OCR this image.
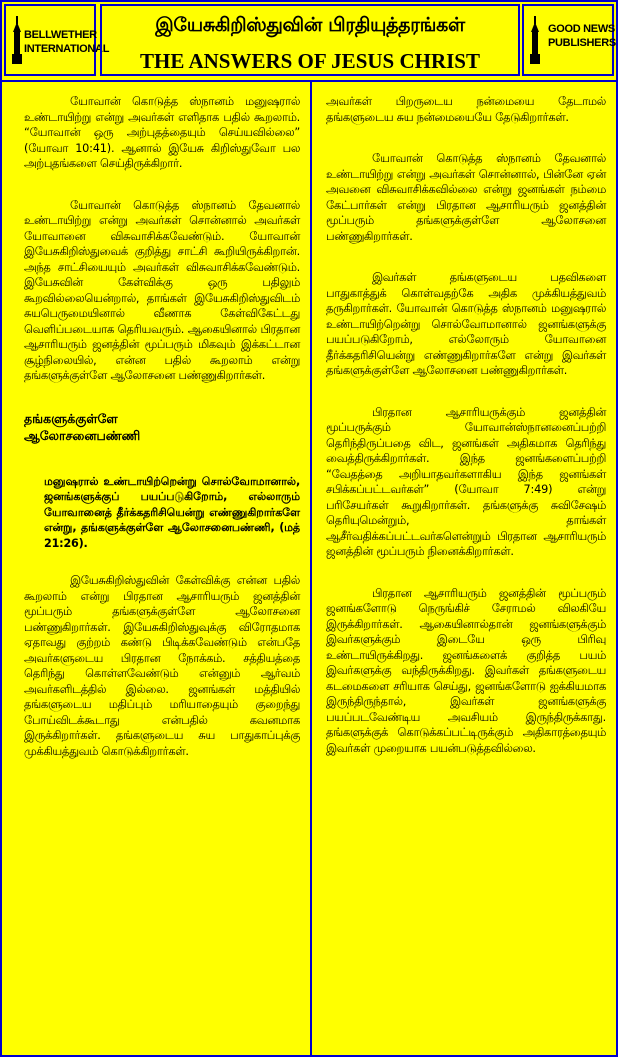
BELLWETHER
INTERNATIONAL
இயேசுகிறிஸ்துவின் பிரதியுத்தரங்கள்
THE ANSWERS OF JESUS CHRIST
GOOD NEWS
PUBLISHERS

யோவான் கொடுத்த ஸ்நானம் மனுஷரால் உண்டாயிற்று என்று அவர்கள் எளிதாக பதில் கூறலாம். “யோவான் ஒரு அற்புதத்தையும் செய்யவில்லை” (யோவா 10:41). ஆனால் இயேசு கிறிஸ்துவோ பல அற்புதங்களை செய்திருக்கிறார்.

யோவான் கொடுத்த ஸ்நானம் தேவனால் உண்டாயிற்று என்று அவர்கள் சொன்னால் அவர்கள் யோவானை விசுவாசிக்கவேண்டும். யோவான் இயேசுகிறிஸ்துவைக் குறித்து சாட்சி கூறியிருக்கிறான். அந்த சாட்சியையும் அவர்கள் விசுவாசிக்கவேண்டும். இயேசுவின் கேள்விக்கு ஒரு பதிலும் கூறவில்லையென்றால், தாங்கள் இயேசுகிறிஸ்துவிடம் சுயபெருமையினால் வீணாக கேள்விகேட்டது வெளிப்படையாக தெரியவரும். ஆகையினால் பிரதான ஆசாரியரும் ஜனத்தின் மூப்பரும் மிகவும் இக்கட்டான சூழ்நிலையில், என்ன பதில் கூறலாம் என்று தங்களுக்குள்ளே ஆலோசனை பண்ணுகிறார்கள்.

தங்களுக்குள்ளே
ஆலோசனைபண்ணி

மனுஷரால் உண்டாயிற்றென்று சொல்வோமானால், ஜனங்களுக்குப் பயப்படுகிறோம், எல்லாரும் யோவானைத் தீர்க்கதரிசியென்று எண்ணுகிறார்களே என்று, தங்களுக்குள்ளே ஆலோசனைபண்ணி, (மத் 21:26).

இயேசுகிறிஸ்துவின் கேள்விக்கு என்ன பதில் கூறலாம் என்று பிரதான ஆசாரியரும் ஜனத்தின் மூப்பரும் தங்களுக்குள்ளே ஆலோசனை பண்ணுகிறார்கள். இயேசுகிறிஸ்துவுக்கு விரோதமாக ஏதாவது குற்றம் கண்டு பிடிக்கவேண்டும் என்பதே அவர்களுடைய பிரதான நோக்கம். சத்தியத்தை தெரிந்து கொள்ளவேண்டும் என்னும் ஆர்வம் அவர்களிடத்தில் இல்லை. ஜனங்கள் மத்தியில் தங்களுடைய மதிப்பும் மரியாதையும் குறைந்து போய்விடக்கூடாது என்பதில் கவனமாக இருக்கிறார்கள். தங்களுடைய சுய பாதுகாப்புக்கு முக்கியத்துவம் கொடுக்கிறார்கள்.

அவர்கள் பிறருடைய நன்மையை தேடாமல் தங்களுடைய சுய நன்மையையே தேடுகிறார்கள்.

யோவான் கொடுத்த ஸ்நானம் தேவனால் உண்டாயிற்று என்று அவர்கள் சொன்னால், பின்னே ஏன் அவனை விசுவாசிக்கவில்லை என்று ஜனங்கள் நம்மை கேட்பார்கள் என்று பிரதான ஆசாரியரும் ஜனத்தின் மூப்பரும் தங்களுக்குள்ளே ஆலோசனை பண்ணுகிறார்கள்.

இவர்கள் தங்களுடைய பதவிகளை பாதுகாத்துக் கொள்வதற்கே அதிக முக்கியத்துவம் தருகிறார்கள். யோவான் கொடுத்த ஸ்நானம் மனுஷரால் உண்டாயிற்றென்று சொல்வோமானால் ஜனங்களுக்கு பயப்படுகிறோம், எல்லோரும் யோவானை தீர்க்கதரிசியென்று எண்ணுகிறார்களே என்று இவர்கள் தங்களுக்குள்ளே ஆலோசனை பண்ணுகிறார்கள்.

பிரதான ஆசாரியருக்கும் ஜனத்தின் மூப்பருக்கும் யோவான்ஸ்நானனைப்பற்றி தெரிந்திருப்பதை விட, ஜனங்கள் அதிகமாக தெரிந்து வைத்திருக்கிறார்கள். இந்த ஜனங்களைப்பற்றி “வேதத்தை அறியாதவர்களாகிய இந்த ஜனங்கள் சபிக்கப்பட்டவர்கள்” (யோவா 7:49) என்று பரிசேயர்கள் கூறுகிறார்கள். தங்களுக்கு சுவிசேஷம் தெரியுமென்றும், தாங்கள் ஆசீர்வதிக்கப்பட்டவர்களென்றும் பிரதான ஆசாரியரும் ஜனத்தின் மூப்பரும் நினைக்கிறார்கள்.

பிரதான ஆசாரியரும் ஜனத்தின் மூப்பரும் ஜனங்களோடு நெருங்கிச் சேராமல் விலகியே இருக்கிறார்கள். ஆகையினால்தான் ஜனங்களுக்கும் இவர்களுக்கும் இடையே ஒரு பிரிவு உண்டாயிருக்கிறது. ஜனங்களைக் குறித்த பயம் இவர்களுக்கு வந்திருக்கிறது. இவர்கள் தங்களுடைய கடமைகளை சரியாக செய்து, ஜனங்களோடு ஐக்கியமாக இருந்திருந்தால், இவர்கள் ஜனங்களுக்கு பயப்படவேண்டிய அவசியம் இருந்திருக்காது. தங்களுக்குக் கொடுக்கப்பட்டிருக்கும் அதிகாரத்தையும் இவர்கள் முறையாக பயன்படுத்தவில்லை.
